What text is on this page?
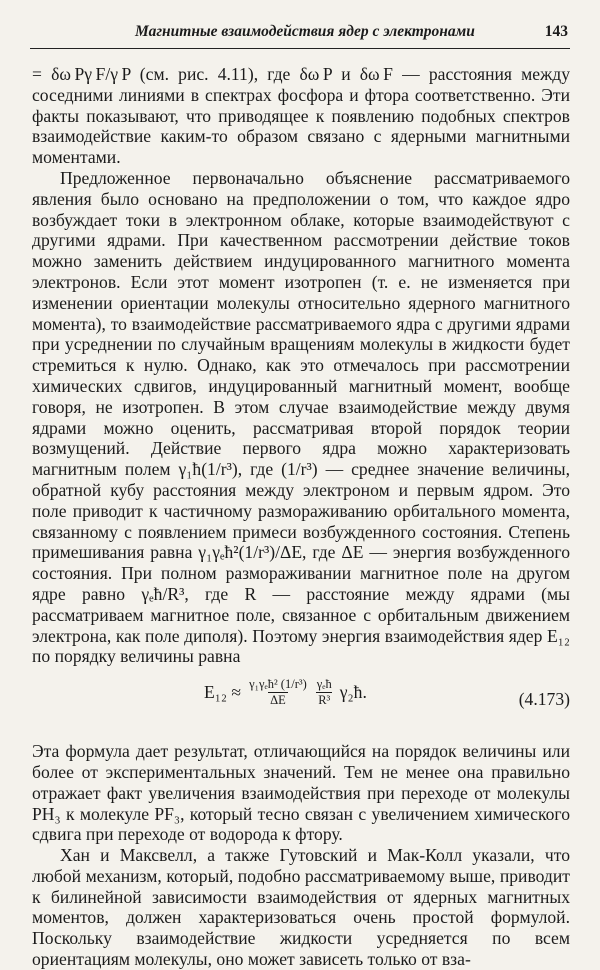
Магнитные взаимодействия ядер с электронами	143

= δω Pγ F/γ P (см. рис. 4.11), где δω P и δω F — расстояния между соседними линиями в спектрах фосфора и фтора соответственно. Эти факты показывают, что приводящее к появлению подобных спектров взаимодействие каким-то образом связано с ядерными магнитными моментами.

Предложенное первоначально объяснение рассматриваемого явления было основано на предположении о том, что каждое ядро возбуждает токи в электронном облаке, которые взаимодействуют с другими ядрами. При качественном рассмотрении действие токов можно заменить действием индуцированного магнитного момента электронов. Если этот момент изотропен (т. е. не изменяется при изменении ориентации молекулы относительно ядерного магнитного момента), то взаимодействие рассматриваемого ядра с другими ядрами при усреднении по случайным вращениям молекулы в жидкости будет стремиться к нулю. Однако, как это отмечалось при рассмотрении химических сдвигов, индуцированный магнитный момент, вообще говоря, не изотропен. В этом случае взаимодействие между двумя ядрами можно оценить, рассматривая второй порядок теории возмущений. Действие первого ядра можно характеризовать магнитным полем γ₁ħ(1/r³), где (1/r³) — среднее значение величины, обратной кубу расстояния между электроном и первым ядром. Это поле приводит к частичному размораживанию орбитального момента, связанному с появлением примеси возбужденного состояния. Степень примешивания равна γ₁γₑħ²(1/r³)/ΔE, где ΔE — энергия возбужденного состояния. При полном размораживании магнитное поле на другом ядре равно γₑħ/R³, где R — расстояние между ядрами (мы рассматриваем магнитное поле, связанное с орбитальным движением электрона, как поле диполя). Поэтому энергия взаимодействия ядер E₁₂ по порядку величины равна

$E_{12} \approx \frac{\text{γ₁γₑħ² (1/r³)}}{\Delta E} \frac{\text{γₑħ}}{\text{R³}}$ γ₂ħ.	(4.173)

Эта формула дает результат, отличающийся на порядок величины или более от экспериментальных значений. Тем не менее она правильно отражает факт увеличения взаимодействия при переходе от молекулы PH₃ к молекуле PF₃, который тесно связан с увеличением химического сдвига при переходе от водорода к фтору.

Хан и Максвелл, а также Гутовский и Мак-Колл указали, что любой механизм, который, подобно рассматриваемому выше, приводит к билинейной зависимости взаимодействия от ядерных магнитных моментов, должен характеризоваться очень простой формулой. Поскольку взаимодействие жидкости усредняется по всем ориентациям молекулы, оно может зависеть только от вза-
